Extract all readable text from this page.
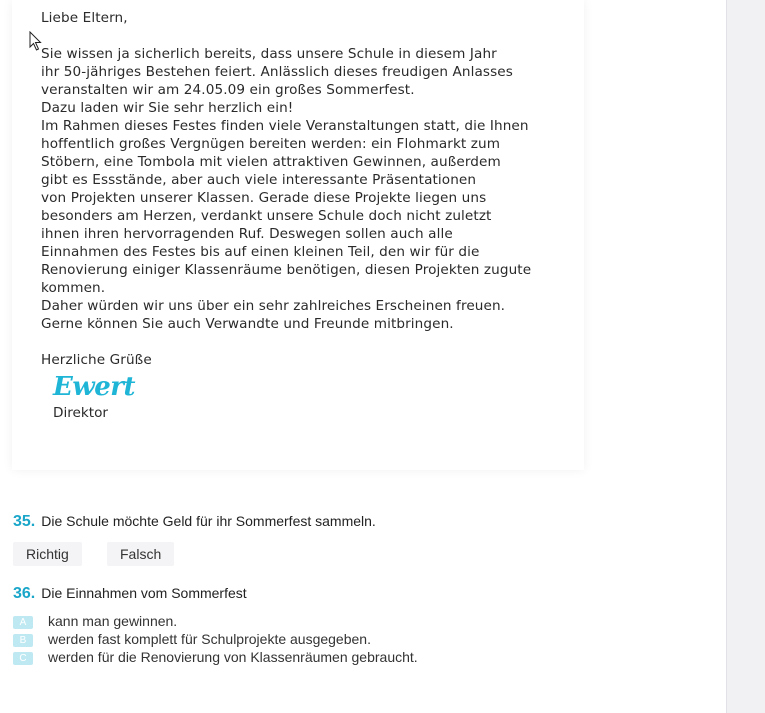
Liebe Eltern,
Sie wissen ja sicherlich bereits, dass unsere Schule in diesem Jahr
ihr 50-jähriges Bestehen feiert. Anlässlich dieses freudigen Anlasses
veranstalten wir am 24.05.09 ein großes Sommerfest.
Dazu laden wir Sie sehr herzlich ein!
Im Rahmen dieses Festes finden viele Veranstaltungen statt, die Ihnen
hoffentlich großes Vergnügen bereiten werden: ein Flohmarkt zum
Stöbern, eine Tombola mit vielen attraktiven Gewinnen, außerdem
gibt es Essstände, aber auch viele interessante Präsentationen
von Projekten unserer Klassen. Gerade diese Projekte liegen uns
besonders am Herzen, verdankt unsere Schule doch nicht zuletzt
ihnen ihren hervorragenden Ruf. Deswegen sollen auch alle
Einnahmen des Festes bis auf einen kleinen Teil, den wir für die
Renovierung einiger Klassenräume benötigen, diesen Projekten zugute
kommen.
Daher würden wir uns über ein sehr zahlreiches Erscheinen freuen.
Gerne können Sie auch Verwandte und Freunde mitbringen.
Herzliche Grüße
Ewert
Direktor
35. Die Schule möchte Geld für ihr Sommerfest sammeln.
Richtig	Falsch
36. Die Einnahmen vom Sommerfest
A kann man gewinnen.
B werden fast komplett für Schulprojekte ausgegeben.
C werden für die Renovierung von Klassenräumen gebraucht.
